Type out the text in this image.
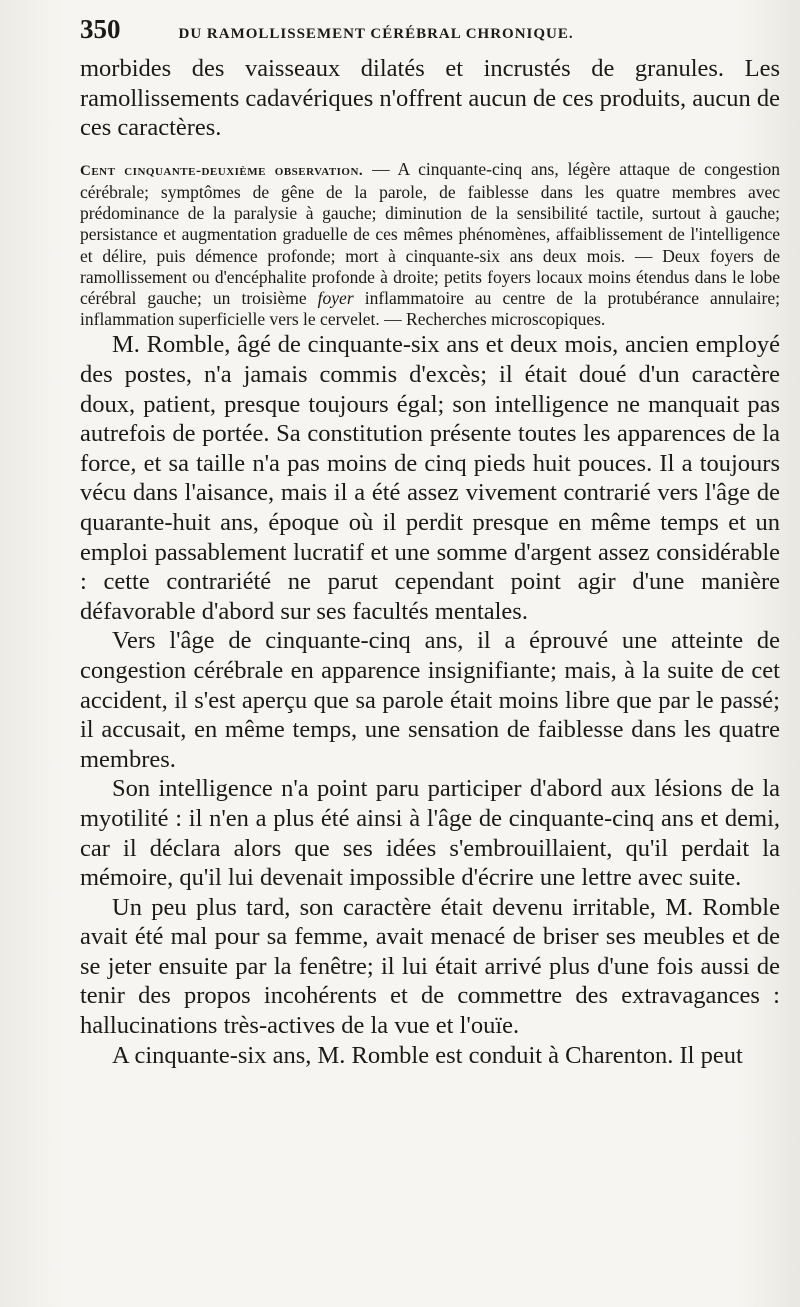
350	DU RAMOLLISSEMENT CÉRÉBRAL CHRONIQUE.

morbides des vaisseaux dilatés et incrustés de granules. Les ramollissements cadavériques n'offrent aucun de ces produits, aucun de ces caractères.

Cent cinquante-deuxième observation. — A cinquante-cinq ans, légère attaque de congestion cérébrale; symptômes de gêne de la parole, de faiblesse dans les quatre membres avec prédominance de la paralysie à gauche; diminution de la sensibilité tactile, surtout à gauche; persistance et augmentation graduelle de ces mêmes phénomènes, affaiblissement de l'intelligence et délire, puis démence profonde; mort à cinquante-six ans deux mois. — Deux foyers de ramollissement ou d'encéphalite profonde à droite; petits foyers locaux moins étendus dans le lobe cérébral gauche; un troisième foyer inflammatoire au centre de la protubérance annulaire; inflammation superficielle vers le cervelet. — Recherches microscopiques.

M. Romble, âgé de cinquante-six ans et deux mois, ancien employé des postes, n'a jamais commis d'excès; il était doué d'un caractère doux, patient, presque toujours égal; son intelligence ne manquait pas autrefois de portée. Sa constitution présente toutes les apparences de la force, et sa taille n'a pas moins de cinq pieds huit pouces. Il a toujours vécu dans l'aisance, mais il a été assez vivement contrarié vers l'âge de quarante-huit ans, époque où il perdit presque en même temps et un emploi passablement lucratif et une somme d'argent assez considérable : cette contrariété ne parut cependant point agir d'une manière défavorable d'abord sur ses facultés mentales.

Vers l'âge de cinquante-cinq ans, il a éprouvé une atteinte de congestion cérébrale en apparence insignifiante; mais, à la suite de cet accident, il s'est aperçu que sa parole était moins libre que par le passé; il accusait, en même temps, une sensation de faiblesse dans les quatre membres.

Son intelligence n'a point paru participer d'abord aux lésions de la myotilité : il n'en a plus été ainsi à l'âge de cinquante-cinq ans et demi, car il déclara alors que ses idées s'embrouillaient, qu'il perdait la mémoire, qu'il lui devenait impossible d'écrire une lettre avec suite.

Un peu plus tard, son caractère était devenu irritable, M. Romble avait été mal pour sa femme, avait menacé de briser ses meubles et de se jeter ensuite par la fenêtre; il lui était arrivé plus d'une fois aussi de tenir des propos incohérents et de commettre des extravagances : hallucinations très-actives de la vue et l'ouïe.

A cinquante-six ans, M. Romble est conduit à Charenton. Il peut
